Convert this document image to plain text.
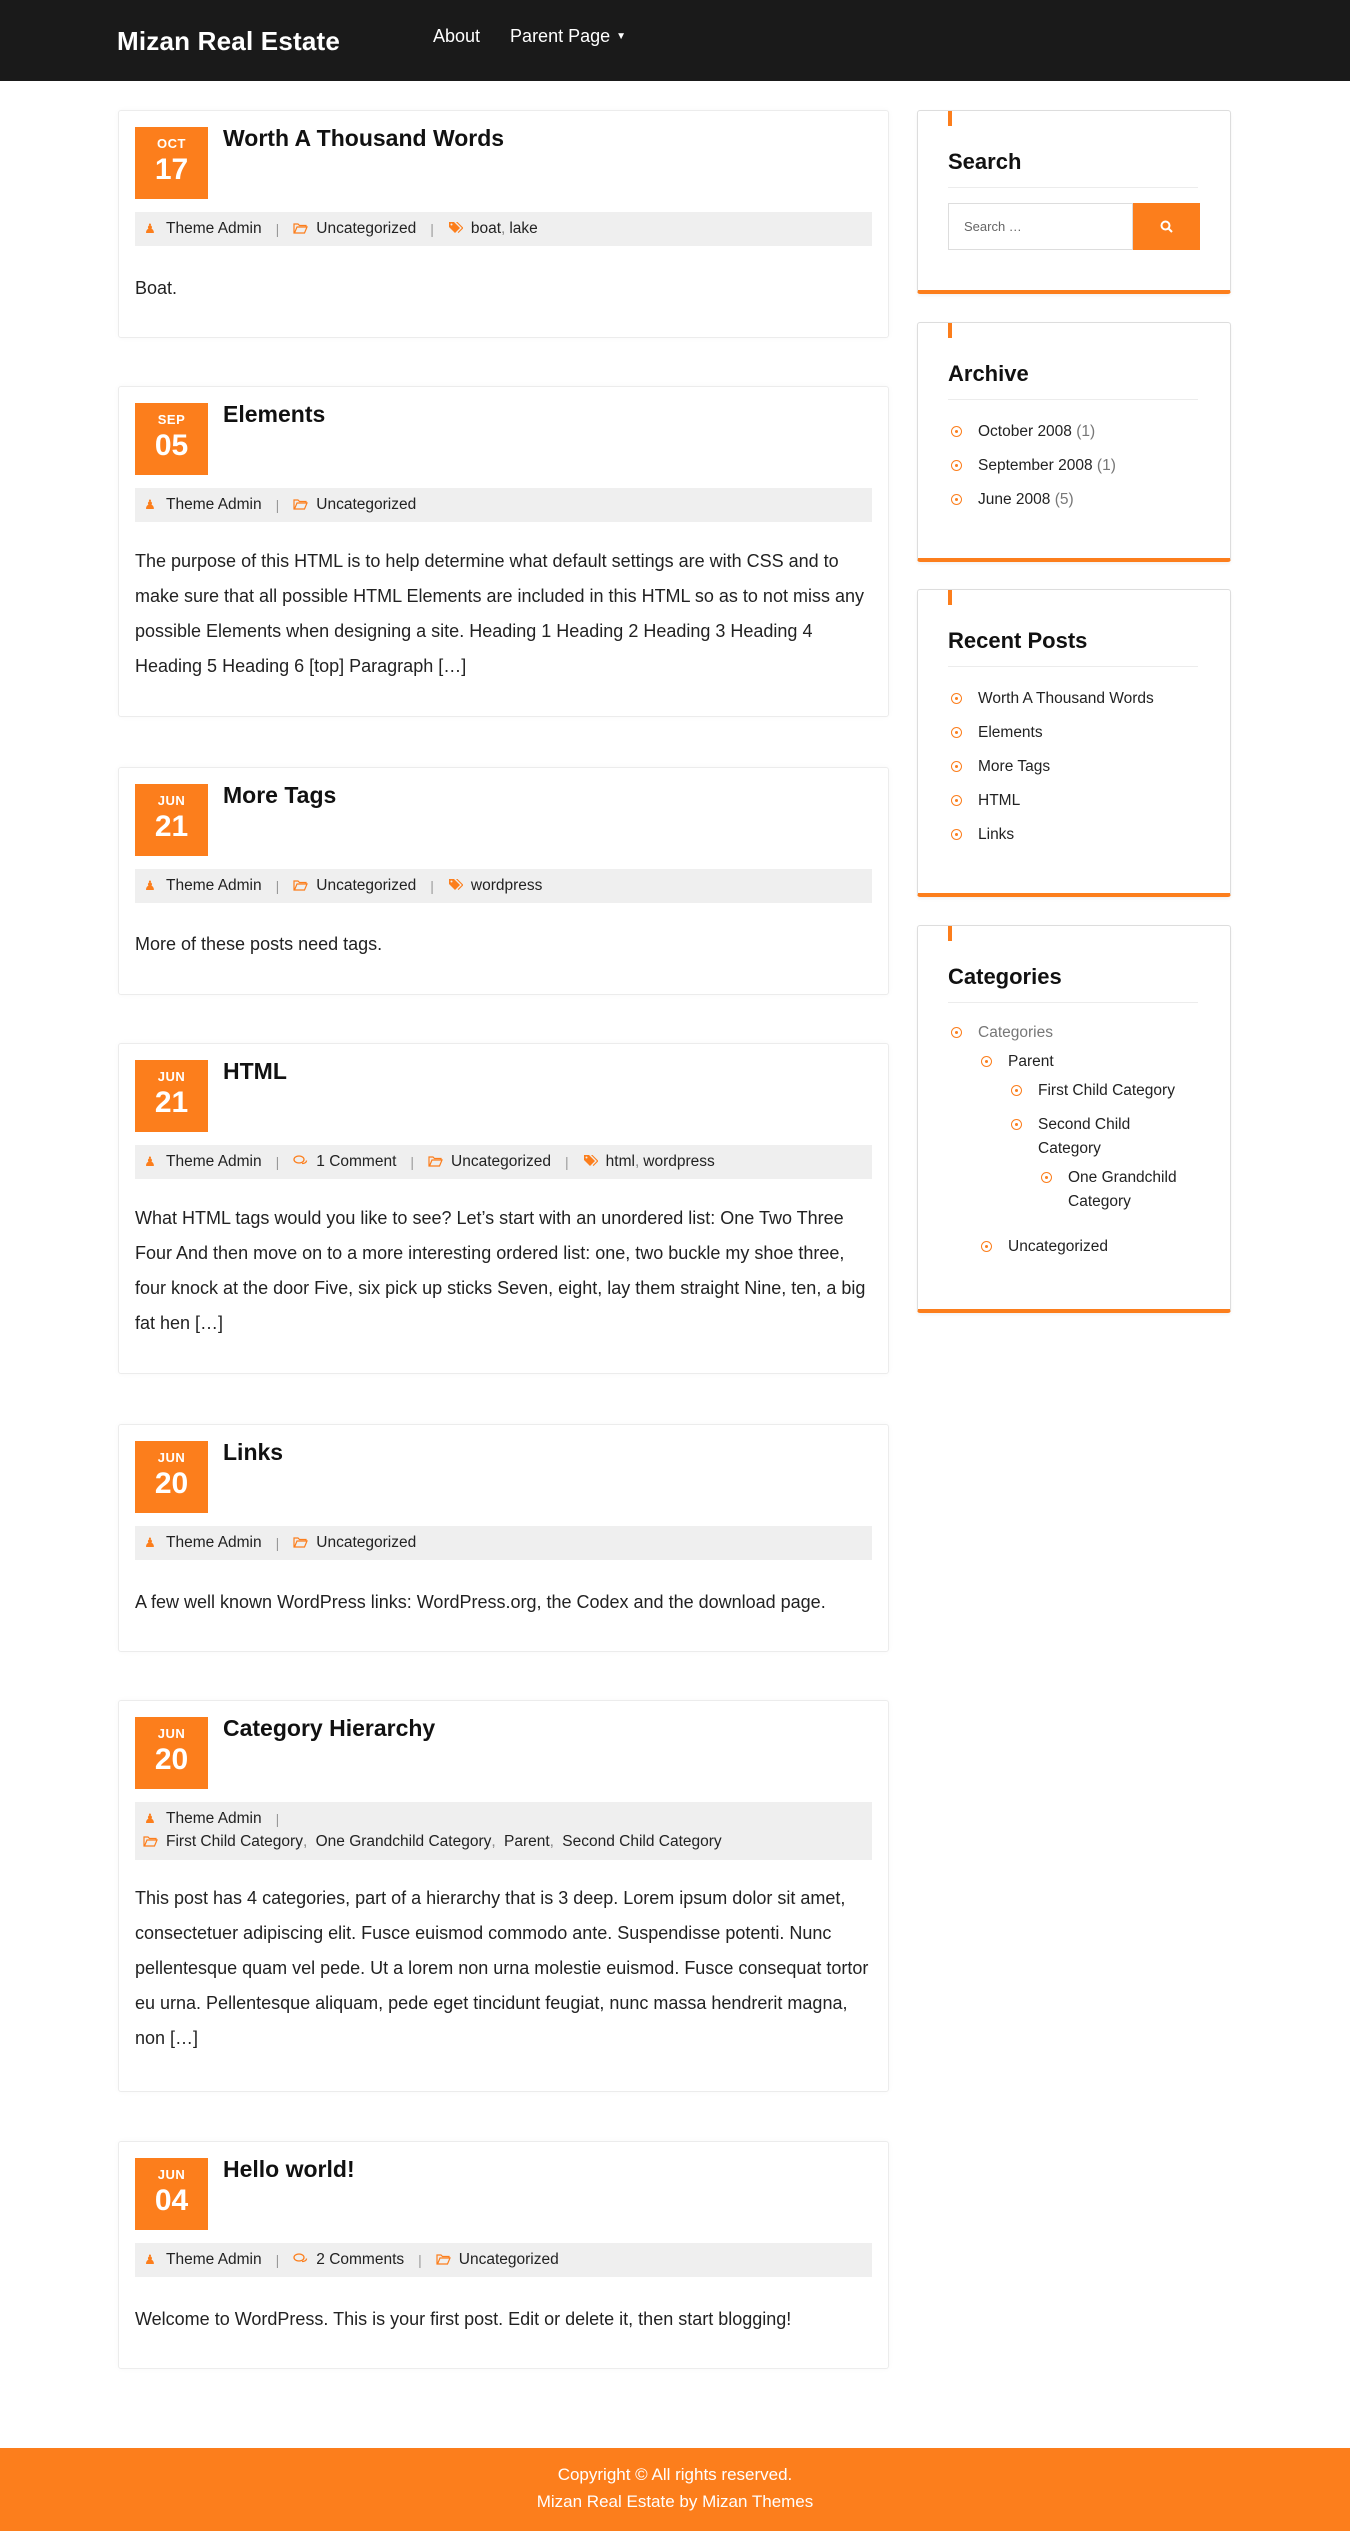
Mizan Real Estate	About Parent Page ▼
OCT
17
Worth A Thousand Words
♟ Theme Admin | Uncategorized | boat , lake

Boat.

SEP
05
Elements
♟ Theme Admin | Uncategorized

The purpose of this HTML is to help determine what default settings are with CSS and to make sure that all possible HTML Elements are included in this HTML so as to not miss any possible Elements when designing a site. Heading 1 Heading 2 Heading 3 Heading 4 Heading 5 Heading 6 [top] Paragraph […]

JUN
21
More Tags
♟ Theme Admin | Uncategorized | wordpress

More of these posts need tags.

JUN
21
HTML
♟ Theme Admin | 1 Comment | Uncategorized | html , wordpress

What HTML tags would you like to see? Let’s start with an unordered list: One Two Three Four And then move on to a more interesting ordered list: one, two buckle my shoe three, four knock at the door Five, six pick up sticks Seven, eight, lay them straight Nine, ten, a big fat hen […]

JUN
20
Links
♟ Theme Admin | Uncategorized

A few well known WordPress links: WordPress.org, the Codex and the download page.

JUN
20
Category Hierarchy
♟ Theme Admin |
First Child Category ,
One Grandchild Category ,
Parent ,
Second Child Category

This post has 4 categories, part of a hierarchy that is 3 deep. Lorem ipsum dolor sit amet, consectetuer adipiscing elit. Fusce euismod commodo ante. Suspendisse potenti. Nunc pellentesque quam vel pede. Ut a lorem non urna molestie euismod. Fusce consequat tortor eu urna. Pellentesque aliquam, pede eget tincidunt feugiat, nunc massa hendrerit magna, non […]

JUN
04
Hello world!
♟ Theme Admin | 2 Comments | Uncategorized

Welcome to WordPress. This is your first post. Edit or delete it, then start blogging!

Search
Search …
Archive
October 2008 (1)
September 2008 (1)
June 2008 (5)
Recent Posts
Worth A Thousand Words
Elements
More Tags
HTML
Links
Categories
Categories
Parent
First Child Category
Second Child Category
One Grandchild Category
Uncategorized
Copyright © All rights reserved.
Mizan Real Estate by Mizan Themes
